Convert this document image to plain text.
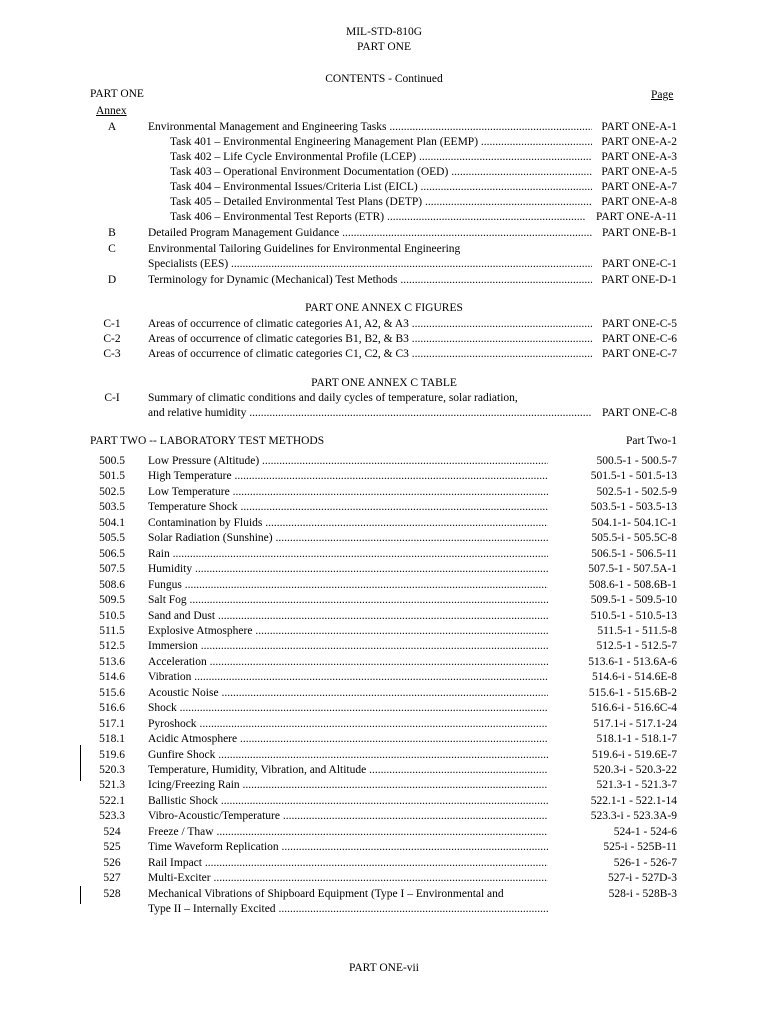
MIL-STD-810G
PART ONE
CONTENTS - Continued
PART ONE	Page
Annex
A	Environmental Management and Engineering Tasks .....	PART ONE-A-1
Task 401 – Environmental Engineering Management Plan (EEMP) .....	PART ONE-A-2
Task 402 – Life Cycle Environmental Profile (LCEP) .....	PART ONE-A-3
Task 403 – Operational Environment Documentation (OED) .....	PART ONE-A-5
Task 404 – Environmental Issues/Criteria List (EICL) .....	PART ONE-A-7
Task 405 – Detailed Environmental Test Plans (DETP) .....	PART ONE-A-8
Task 406 – Environmental Test Reports (ETR) .....	PART ONE-A-11
B	Detailed Program Management Guidance .....	PART ONE-B-1
C	Environmental Tailoring Guidelines for Environmental Engineering
Specialists (EES) .....	PART ONE-C-1
D	Terminology for Dynamic (Mechanical) Test Methods .....	PART ONE-D-1
PART ONE ANNEX C FIGURES
C-1	Areas of occurrence of climatic categories A1, A2, & A3 .....	PART ONE-C-5
C-2	Areas of occurrence of climatic categories B1, B2, & B3 .....	PART ONE-C-6
C-3	Areas of occurrence of climatic categories C1, C2, & C3 .....	PART ONE-C-7
PART ONE ANNEX C TABLE
C-I	Summary of climatic conditions and daily cycles of temperature, solar radiation,
and relative humidity .....	PART ONE-C-8
PART TWO -- LABORATORY TEST METHODS	Part Two-1
500.5	Low Pressure (Altitude) .....	500.5-1 - 500.5-7
501.5	High Temperature .....	501.5-1 - 501.5-13
502.5	Low Temperature .....	502.5-1 - 502.5-9
503.5	Temperature Shock .....	503.5-1 - 503.5-13
504.1	Contamination by Fluids .....	504.1-1- 504.1C-1
505.5	Solar Radiation (Sunshine) .....	505.5-i - 505.5C-8
506.5	Rain .....	506.5-1 - 506.5-11
507.5	Humidity .....	507.5-1 - 507.5A-1
508.6	Fungus .....	508.6-1 - 508.6B-1
509.5	Salt Fog .....	509.5-1 - 509.5-10
510.5	Sand and Dust .....	510.5-1 - 510.5-13
511.5	Explosive Atmosphere .....	511.5-1 - 511.5-8
512.5	Immersion .....	512.5-1 - 512.5-7
513.6	Acceleration .....	513.6-1 - 513.6A-6
514.6	Vibration .....	514.6-i - 514.6E-8
515.6	Acoustic Noise .....	515.6-1 - 515.6B-2
516.6	Shock .....	516.6-i - 516.6C-4
517.1	Pyroshock .....	517.1-i - 517.1-24
518.1	Acidic Atmosphere .....	518.1-1 - 518.1-7
519.6	Gunfire Shock .....	519.6-i - 519.6E-7
520.3	Temperature, Humidity, Vibration, and Altitude .....	520.3-i - 520.3-22
521.3	Icing/Freezing Rain .....	521.3-1 - 521.3-7
522.1	Ballistic Shock .....	522.1-1 - 522.1-14
523.3	Vibro-Acoustic/Temperature .....	523.3-i - 523.3A-9
524	Freeze / Thaw .....	524-1 - 524-6
525	Time Waveform Replication .....	525-i - 525B-11
526	Rail Impact .....	526-1 - 526-7
527	Multi-Exciter .....	527-i - 527D-3
528	Mechanical Vibrations of Shipboard Equipment (Type I – Environmental and	528-i - 528B-3
Type II – Internally Excited .....
PART ONE-vii
